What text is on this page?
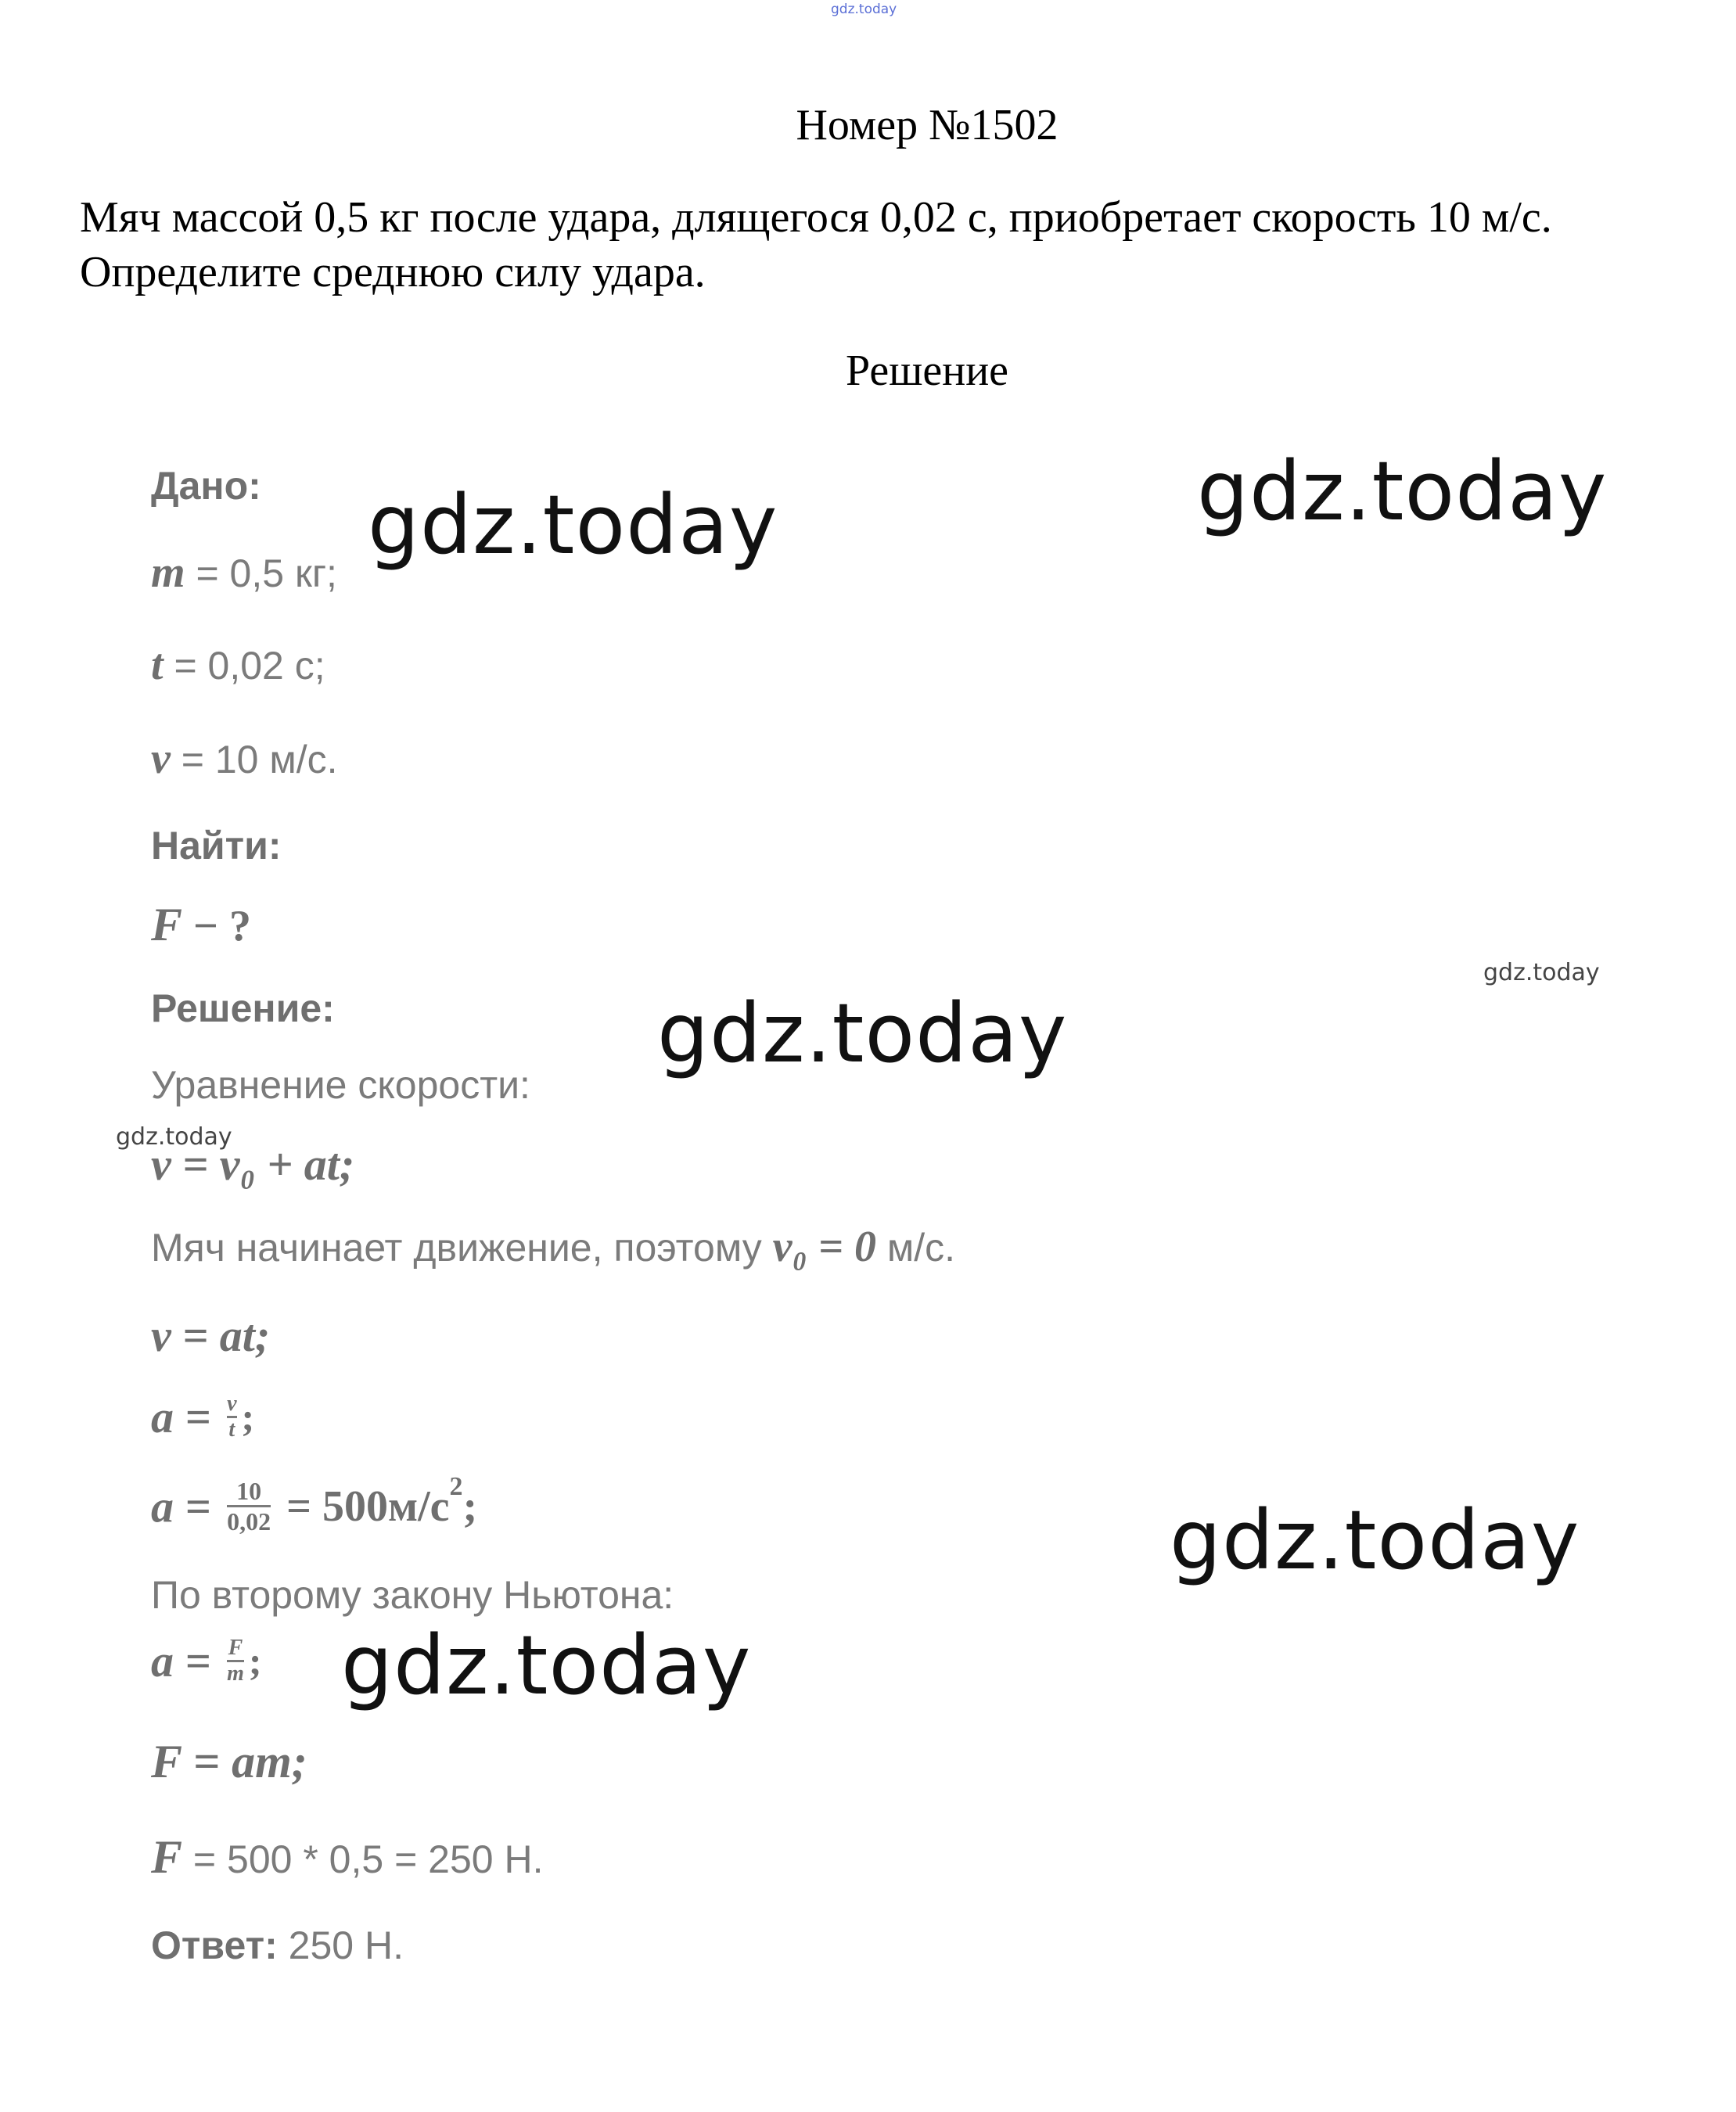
gdz.today
Номер №1502
Мяч массой 0,5 кг после удара, длящегося 0,02 с, приобретает скорость 10 м/с.
Определите среднюю силу удара.
Решение
Дано:
m = 0,5 кг;
t = 0,02 с;
v = 10 м/с.
Найти:
F − ?
Решение:
Уравнение скорости:
v = v₀ + at;
Мяч начинает движение, поэтому v₀ = 0 м/с.
v = at;
$a = \frac{v}{t}$ ;
$a = \frac{10}{0,02} = 500м/с^2$;
По второму закону Ньютона:
$a = \frac{F}{m}$ ;
F = am;
F = 500 * 0,5 = 250 Н.
Ответ: 250 Н.
gdz.today	gdz.today
gdz.today
gdz.today
gdz.today
gdz.today
gdz.today
